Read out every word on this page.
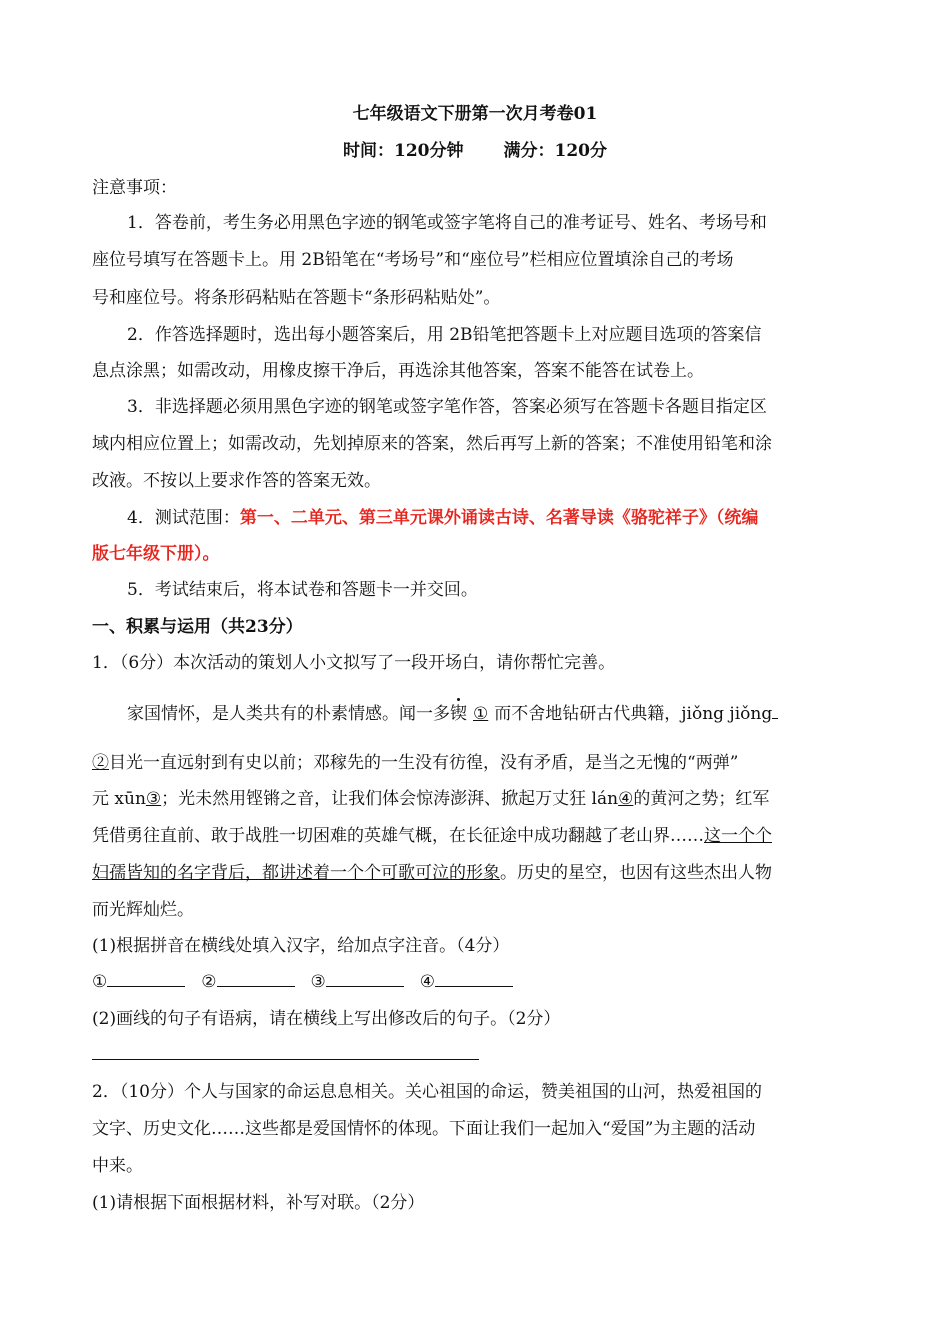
七年级语文下册第一次月考卷01
时间：120分钟 满分：120分
注意事项：
1．答卷前，考生务必用黑色字迹的钢笔或签字笔将自己的准考证号、姓名、考场号和
座位号填写在答题卡上。用 2B铅笔在“考场号”和“座位号”栏相应位置填涂自己的考场
号和座位号。将条形码粘贴在答题卡“条形码粘贴处”。
2．作答选择题时，选出每小题答案后，用 2B铅笔把答题卡上对应题目选项的答案信
息点涂黑；如需改动，用橡皮擦干净后，再选涂其他答案，答案不能答在试卷上。
3．非选择题必须用黑色字迹的钢笔或签字笔作答，答案必须写在答题卡各题目指定区
域内相应位置上；如需改动，先划掉原来的答案，然后再写上新的答案；不准使用铅笔和涂
改液。不按以上要求作答的答案无效。
4．测试范围：第一、二单元、第三单元课外诵读古诗、名著导读《骆驼祥子》（统编
版七年级下册）。
5．考试结束后，将本试卷和答题卡一并交回。
一、积累与运用（共23分）
1．（6分）本次活动的策划人小文拟写了一段开场白，请你帮忙完善。
家国情怀，是人类共有的朴素情感。闻一多锲 ① 而不舍地钻研古代典籍，jiǒng jiǒng
②目光一直远射到有史以前；邓稼先的一生没有彷徨，没有矛盾，是当之无愧的“两弹”
元 xūn③；光未然用铿锵之音，让我们体会惊涛澎湃、掀起万丈狂 lán④的黄河之势；红军
凭借勇往直前、敢于战胜一切困难的英雄气概，在长征途中成功翻越了老山界……这一个个
妇孺皆知的名字背后，都讲述着一个个可歌可泣的形象。历史的星空，也因有这些杰出人物
而光辉灿烂。
(1)根据拼音在横线处填入汉字，给加点字注音。（4分）
①	②	③	④
(2)画线的句子有语病，请在横线上写出修改后的句子。（2分）
2．（10分）个人与国家的命运息息相关。关心祖国的命运，赞美祖国的山河，热爱祖国的
文字、历史文化……这些都是爱国情怀的体现。下面让我们一起加入“爱国”为主题的活动
中来。
(1)请根据下面根据材料，补写对联。（2分）
